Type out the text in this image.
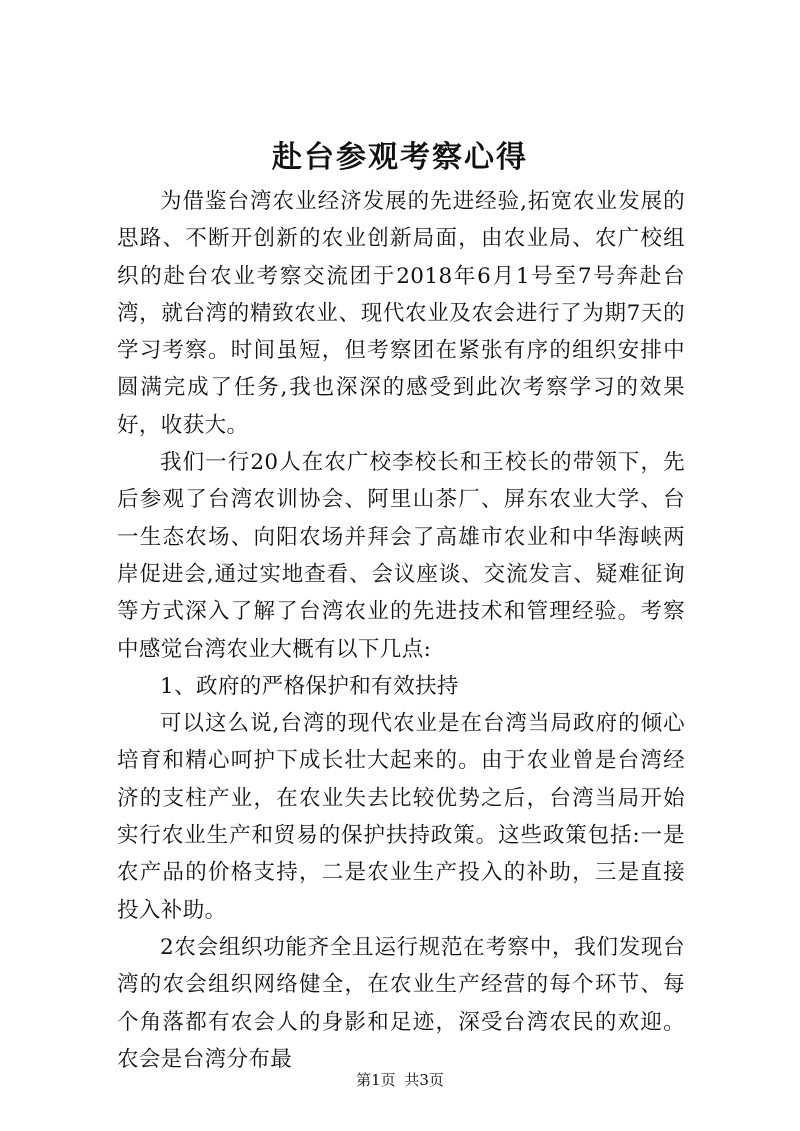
赴台参观考察心得

为借鉴台湾农业经济发展的先进经验,拓宽农业发展的思路、不断开创新的农业创新局面，由农业局、农广校组织的赴台农业考察交流团于2018年6月1号至7号奔赴台湾，就台湾的精致农业、现代农业及农会进行了为期7天的学习考察。时间虽短，但考察团在紧张有序的组织安排中圆满完成了任务,我也深深的感受到此次考察学习的效果好，收获大。

我们一行20人在农广校李校长和王校长的带领下，先后参观了台湾农训协会、阿里山茶厂、屏东农业大学、台一生态农场、向阳农场并拜会了高雄市农业和中华海峡两岸促进会,通过实地查看、会议座谈、交流发言、疑难征询等方式深入了解了台湾农业的先进技术和管理经验。考察中感觉台湾农业大概有以下几点:

1、政府的严格保护和有效扶持

可以这么说,台湾的现代农业是在台湾当局政府的倾心培育和精心呵护下成长壮大起来的。由于农业曾是台湾经济的支柱产业，在农业失去比较优势之后，台湾当局开始实行农业生产和贸易的保护扶持政策。这些政策包括:一是农产品的价格支持，二是农业生产投入的补助，三是直接投入补助。

2农会组织功能齐全且运行规范在考察中，我们发现台湾的农会组织网络健全，在农业生产经营的每个环节、每个角落都有农会人的身影和足迹，深受台湾农民的欢迎。农会是台湾分布最

第1页 共3页
